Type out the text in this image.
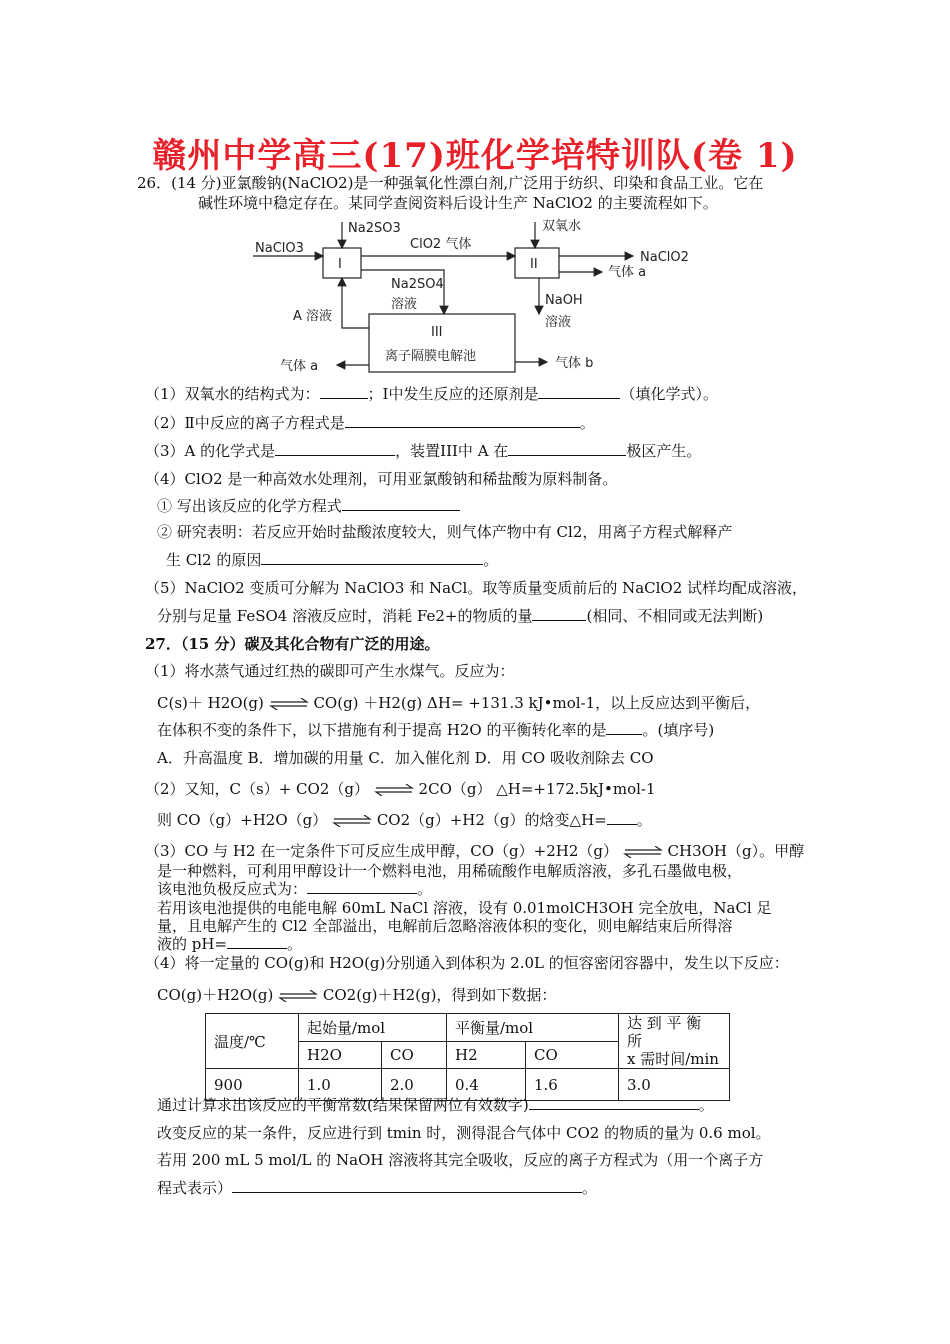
赣州中学高三(17)班化学培特训队(卷 1)
26．(14 分)亚氯酸钠(NaClO2)是一种强氧化性漂白剂,广泛用于纺织、印染和食品工业。它在
碱性环境中稳定存在。某同学查阅资料后设计生产 NaClO2 的主要流程如下。
NaClO3
Na2SO3
I
ClO2 气体
双氧水
II	NaClO2
气体 a
Na2SO4
溶液	NaOH
溶液
A 溶液
III
离子隔膜电解池
气体 a	气体 b
（1）双氧水的结构式为：	；Ⅰ中发生反应的还原剂是	（填化学式）。
（2）Ⅱ中反应的离子方程式是	。
（3）A 的化学式是	，装置III中 A 在	极区产生。
（4）ClO2 是一种高效水处理剂，可用亚氯酸钠和稀盐酸为原料制备。
① 写出该反应的化学方程式
② 研究表明：若反应开始时盐酸浓度较大，则气体产物中有 Cl2，用离子方程式解释产
生 Cl2 的原因	。
（5）NaClO2 变质可分解为 NaClO3 和 NaCl。取等质量变质前后的 NaClO2 试样均配成溶液，
分别与足量 FeSO4 溶液反应时，消耗 Fe2+的物质的量	(相同、不相同或无法判断)
27．（15 分）碳及其化合物有广泛的用途。
（1）将水蒸气通过红热的碳即可产生水煤气。反应为：
C(s)＋ H2O(g) ⇌ CO(g) ＋H2(g) ΔH= +131.3 kJ•mol-1，以上反应达到平衡后，
在体积不变的条件下，以下措施有利于提高 H2O 的平衡转化率的是 。(填序号)
A．升高温度 B．增加碳的用量 C．加入催化剂 D．用 CO 吸收剂除去 CO
（2）又知，C（s）+ CO2（g） ⇌ 2CO（g） △H=+172.5kJ•mol-1
则 CO（g）+H2O（g） ⇌ CO2（g）+H2（g）的焓变△H= 。
（3）CO 与 H2 在一定条件下可反应生成甲醇，CO（g）+2H2（g） ⇌ CH3OH（g）。甲醇
是一种燃料，可利用甲醇设计一个燃料电池，用稀硫酸作电解质溶液，多孔石墨做电极，
该电池负极反应式为：	。
若用该电池提供的电能电解 60mL NaCl 溶液，设有 0.01molCH3OH 完全放电，NaCl 足
量，且电解产生的 Cl2 全部溢出，电解前后忽略溶液体积的变化，则电解结束后所得溶
液的 pH=	。
（4）将一定量的 CO(g)和 H2O(g)分别通入到体积为 2.0L 的恒容密闭容器中，发生以下反应：
CO(g)＋H2O(g) ⇌ CO2(g)＋H2(g)，得到如下数据：
温度/℃	起始量/mol		平衡量/mol		达 到 平 衡 所
x 需时间/min
	H2O	CO	H2	CO	
900	1.0	2.0	0.4	1.6	3.0
通过计算求出该反应的平衡常数(结果保留两位有效数字)	。
改变反应的某一条件，反应进行到 tmin 时，测得混合气体中 CO2 的物质的量为 0.6 mol。
若用 200 mL 5 mol/L 的 NaOH 溶液将其完全吸收，反应的离子方程式为（用一个离子方
程式表示）	。
